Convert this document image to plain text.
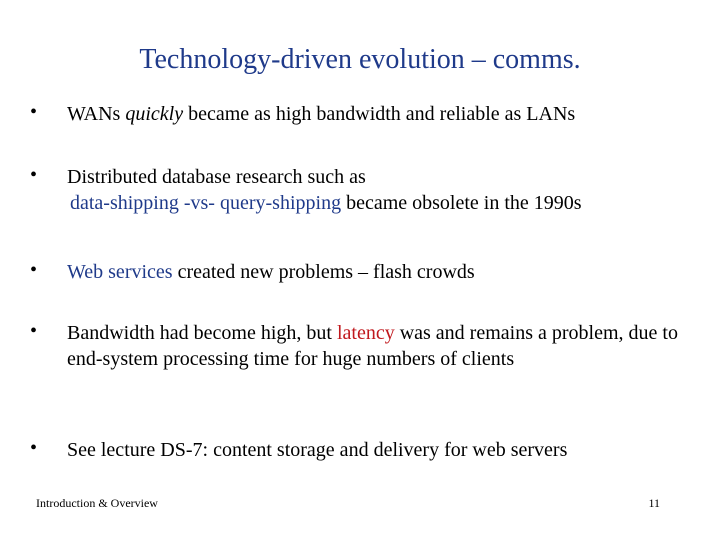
Technology-driven evolution – comms.
• WANs quickly became as high bandwidth and reliable as LANs
• Distributed database research such as
data-shipping -vs- query-shipping became obsolete in the 1990s
• Web services created new problems – flash crowds
• Bandwidth had become high, but latency was and remains a problem, due to end-system processing time for huge numbers of clients
• See lecture DS-7: content storage and delivery for web servers
Introduction & Overview	11
